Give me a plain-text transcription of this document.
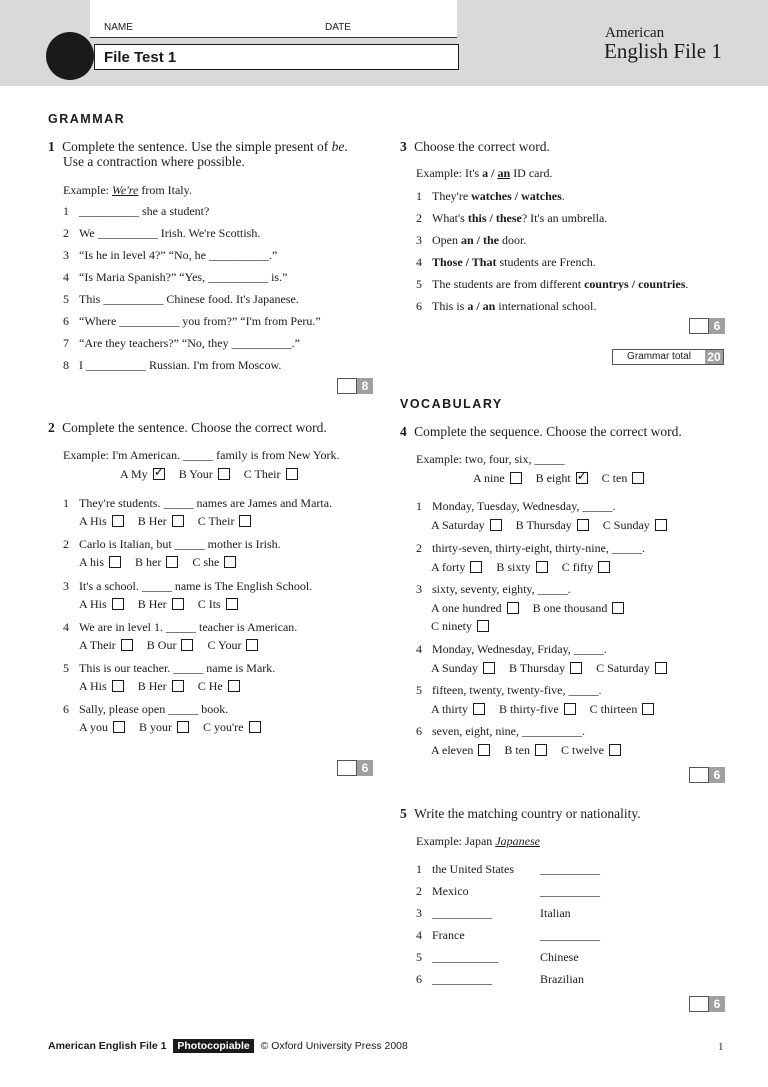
NAME	DATE
File Test 1
American
English File 1
GRAMMAR
1 Complete the sentence. Use the simple present of be.
Use a contraction where possible.
Example: We're from Italy.
8
2 Complete the sentence. Choose the correct word.
Example: I'm American. _____ family is from New York.
A My ✓	B Your	C Their
6
3 Choose the correct word.
Example: It's a / an ID card.
6
Grammar total	20
VOCABULARY
4 Complete the sequence. Choose the correct word.
Example: two, four, six, _____
A nine	B eight ✓	C ten
6
5 Write the matching country or nationality.
Example: Japan Japanese
6
American English File 1 Photocopiable © Oxford University Press 2008	1
1 __________ she a student?
2 We __________ Irish. We're Scottish.
3 “Is he in level 4?” “No, he __________.”
4 “Is Maria Spanish?” “Yes, __________ is.”
5 This __________ Chinese food. It's Japanese.
6 “Where __________ you from?” “I'm from Peru.”
7 “Are they teachers?” “No, they __________.”
8 I __________ Russian. I'm from Moscow.
1 They're students. _____ names are James and Marta.
A His	B Her	C Their
2 Carlo is Italian, but _____ mother is Irish.
A his	B her	C she
3 It's a school. _____ name is The English School.
A His	B Her	C Its
4 We are in level 1. _____ teacher is American.
A Their	B Our	C Your
5 This is our teacher. _____ name is Mark.
A His	B Her	C He
6 Sally, please open _____ book.
A you	B your	C you're
1 They're watches / watches.
2 What's this / these? It's an umbrella.
3 Open an / the door.
4 Those / That students are French.
5 The students are from different countrys / countries.
6 This is a / an international school.
1 Monday, Tuesday, Wednesday, _____.
A Saturday	B Thursday	C Sunday
2 thirty-seven, thirty-eight, thirty-nine, _____.
A forty	B sixty	C fifty
3 sixty, seventy, eighty, _____.
A one hundred	B one thousand
C ninety
4 Monday, Wednesday, Friday, _____.
A Sunday	B Thursday	C Saturday
5 fifteen, twenty, twenty-five, _____.
A thirty	B thirty-five	C thirteen
6 seven, eight, nine, __________.
A eleven	B ten	C twelve
1 the United States __________
2 Mexico	__________
3 __________	Italian
4 France	__________
5 ___________	Chinese
6 __________	Brazilian
